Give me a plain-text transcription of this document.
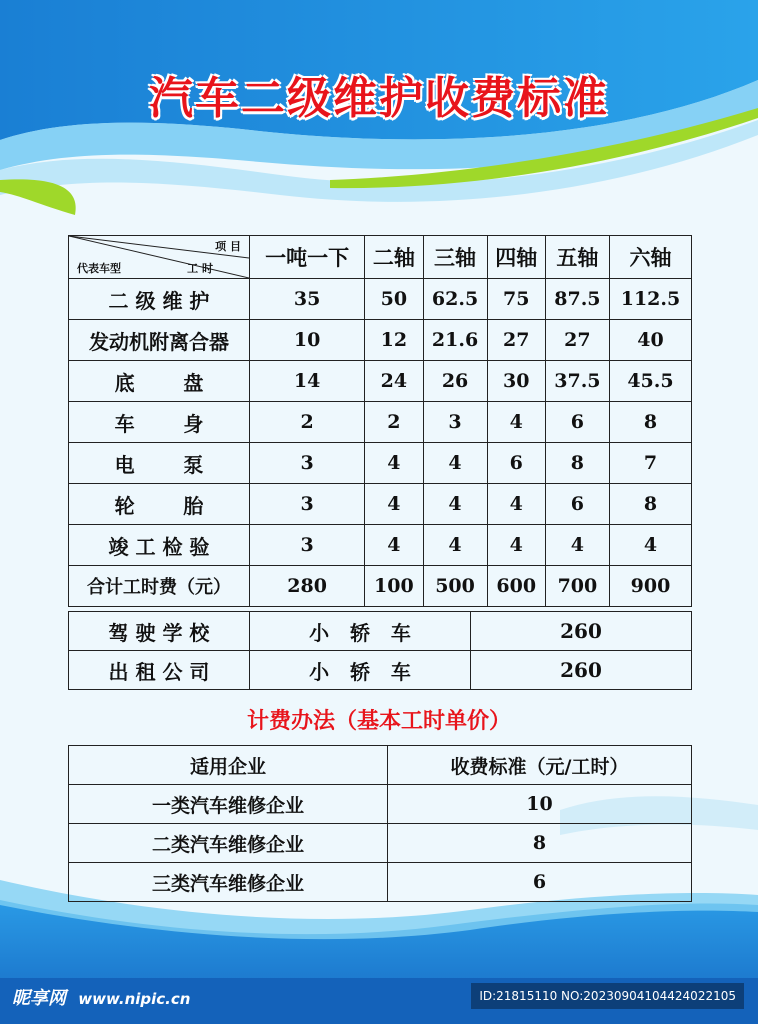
汽车二级维护收费标准
项 目
工 时
代表车型	一吨一下	二轴	三轴	四轴	五轴	六轴
二 级 维 护	35	50	62.5	75	87.5	112.5
发动机附离合器	10	12	21.6	27	27	40
底       盘	14	24	26	30	37.5	45.5
车       身	2	2	3	4	6	8
电       泵	3	4	4	6	8	7
轮       胎	3	4	4	4	6	8
竣 工 检 验	3	4	4	4	4	4
合计工时费（元）	280	100	500	600	700	900
驾 驶 学 校	小   轿   车	260
出 租 公 司	小   轿   车	260
计费办法（基本工时单价）
适用企业	收费标准（元/工时）
一类汽车维修企业	10
二类汽车维修企业	8
三类汽车维修企业	6
昵享网 www.nipic.cn	ID:21815110 NO:20230904104424022105
